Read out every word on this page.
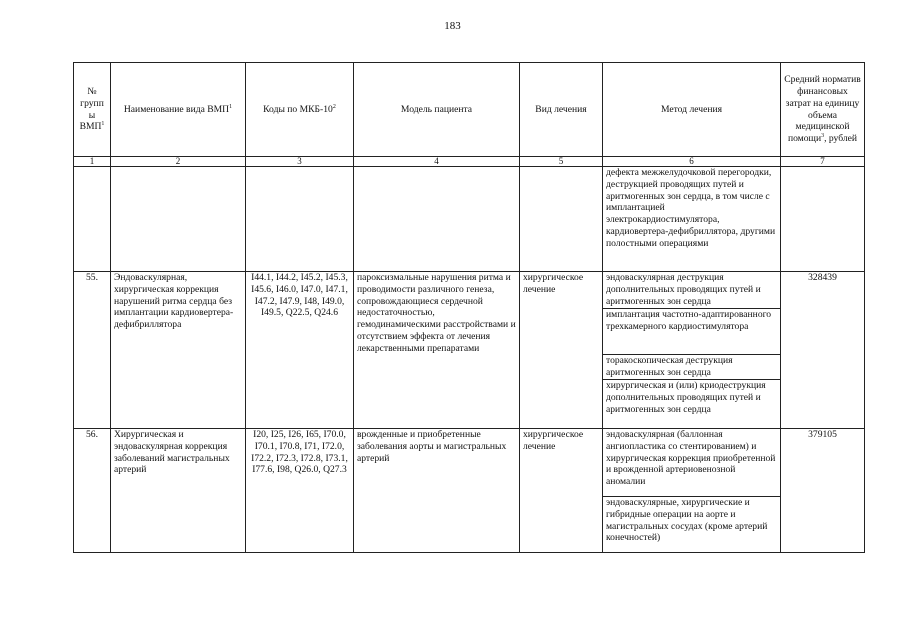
183
№ групп ы ВМП$^1$	Наименование вида ВМП$^1$	Коды по МКБ-$10^2$	Модель пациента	Вид лечения	Метод лечения	Средний норматив финансовых затрат на единицу объема медицинской помощи$^3$, рублей
1	2	3	4	5	6	7
					дефекта межжелудочковой перегородки, деструкцией проводящих путей и аритмогенных зон сердца, в том числе с имплантацией электрокардиостимулятора, кардиовертера-дефибриллятора, другими полостными операциями	
55.	Эндоваскулярная, хирургическая коррекция нарушений ритма сердца без имплантации кардиовертера-дефибриллятора	I44.1, I44.2, I45.2, I45.3, I45.6, I46.0, I47.0, I47.1, I47.2, I47.9, I48, I49.0, I49.5, Q22.5, Q24.6	пароксизмальные нарушения ритма и проводимости различного генеза, сопровождающиеся сердечной недостаточностью, гемодинамическими расстройствами и отсутствием эффекта от лечения лекарственными препаратами	хирургическое лечение	эндоваскулярная деструкция дополнительных проводящих путей и аритмогенных зон сердца	328439
					имплантация частотно-адаптированного трехкамерного кардиостимулятора	
					торакоскопическая деструкция аритмогенных зон сердца	
					хирургическая и (или) криодеструкция дополнительных проводящих путей и аритмогенных зон сердца	
56.	Хирургическая и эндоваскулярная коррекция заболеваний магистральных артерий	I20, I25, I26, I65, I70.0, I70.1, I70.8, I71, I72.0, I72.2, I72.3, I72.8, I73.1, I77.6, I98, Q26.0, Q27.3	врожденные и приобретенные заболевания аорты и магистральных артерий	хирургическое лечение	эндоваскулярная (баллонная ангиопластика со стентированием) и хирургическая коррекция приобретенной и врожденной артериовенозной аномалии	379105
					эндоваскулярные, хирургические и гибридные операции на аорте и магистральных сосудах (кроме артерий конечностей)	
